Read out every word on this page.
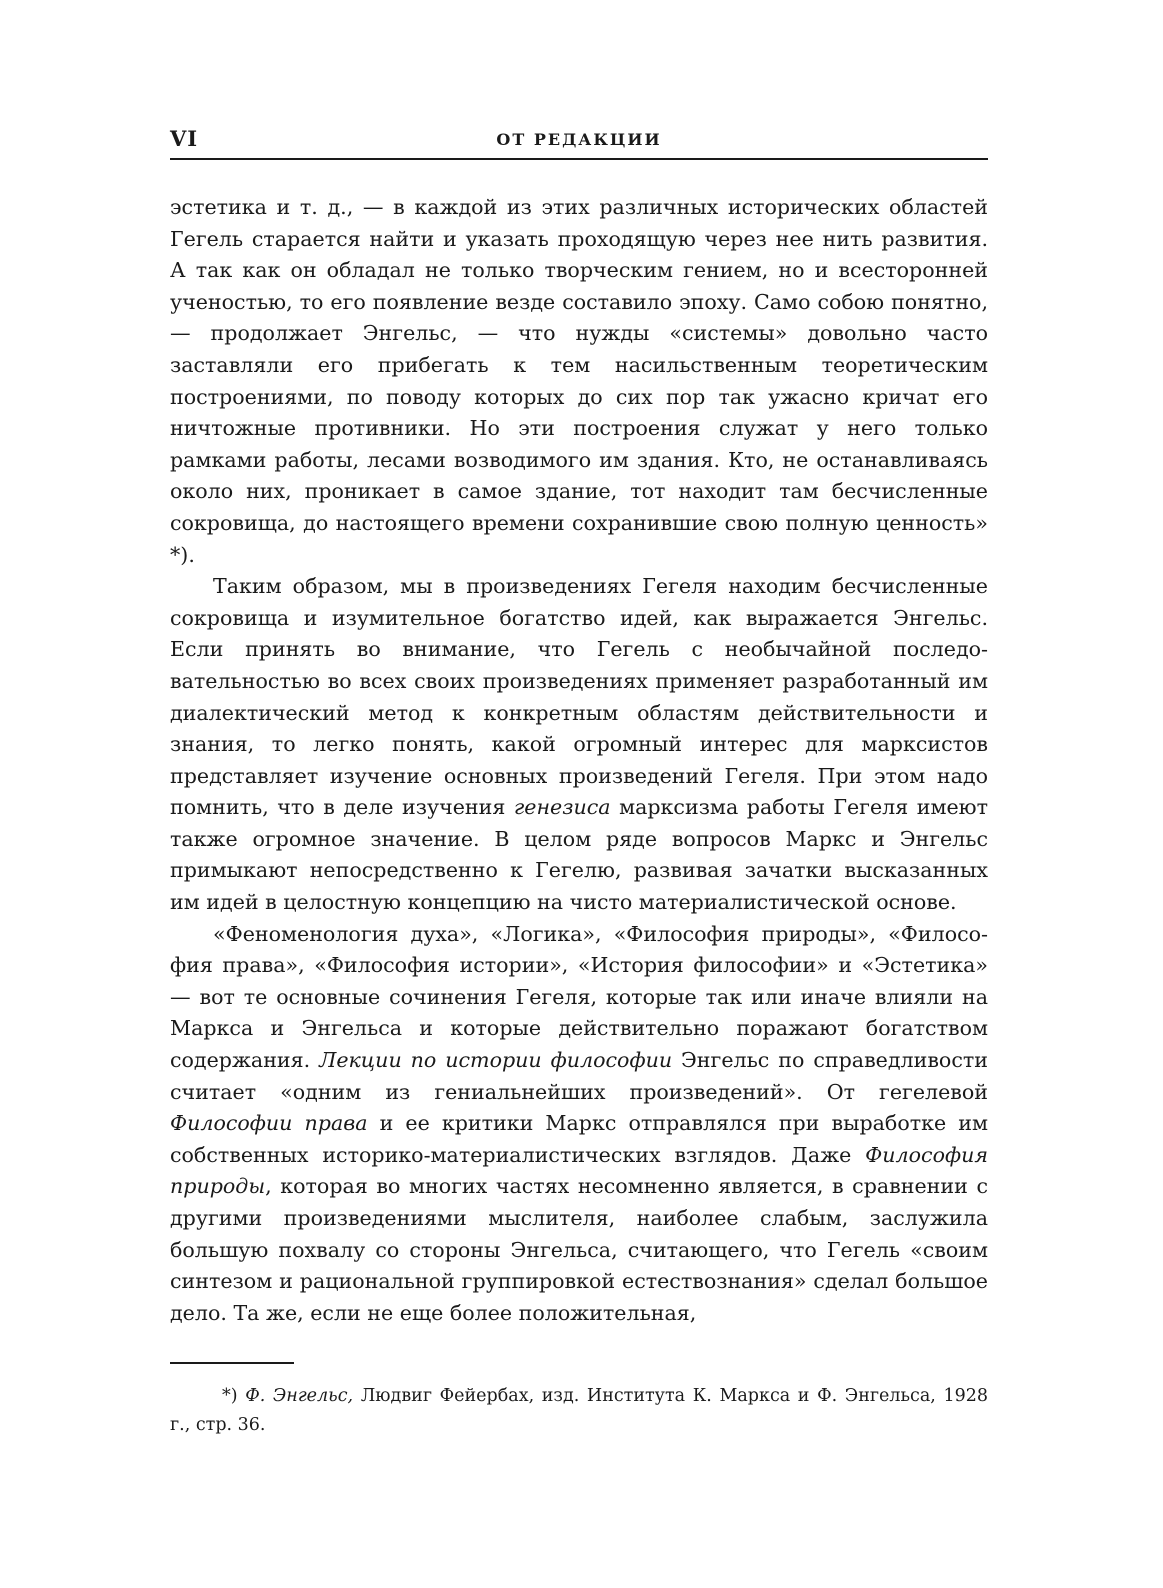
VI	ОТ РЕДАКЦИИ

эстетика и т. д., — в каждой из этих различных исторических областей Гегель старается найти и указать проходящую через нее нить развития. А так как он обладал не только творческим гением, но и всесторонней ученостью, то его появление везде составило эпоху. Само собою понятно, — продолжает Энгельс, — что нужды «системы» довольно часто заставляли его прибегать к тем насильственным теоретическим построениями, по поводу которых до сих пор так ужасно кричат его ничтожные противники. Но эти построения служат у него только рамками работы, лесами возводимого им здания. Кто, не останавливаясь около них, проникает в самое здание, тот находит там бесчисленные сокровища, до настоящего времени сохранившие свою полную ценность» *).

Таким образом, мы в произведениях Гегеля находим бесчисленные сокровища и изумительное богатство идей, как выражается Энгельс. Если принять во внимание, что Гегель с необычайной последовательностью во всех своих произведениях применяет разработанный им диалектический метод к конкретным областям действительности и знания, то легко понять, какой огромный интерес для марксистов представляет изучение основных произведений Гегеля. При этом надо помнить, что в деле изучения генезиса марксизма работы Гегеля имеют также огромное значение. В целом ряде вопросов Маркс и Энгельс примыкают непосредственно к Гегелю, развивая зачатки высказанных им идей в целостную концепцию на чисто материалистической основе.

«Феноменология духа», «Логика», «Философия природы», «Философия права», «Философия истории», «История философии» и «Эстетика» — вот те основные сочинения Гегеля, которые так или иначе влияли на Маркса и Энгельса и которые действительно поражают богатством содержания. Лекции по истории философии Энгельс по справедливости считает «одним из гениальнейших произведений». От гегелевой Философии права и ее критики Маркс отправлялся при выработке им собственных историко-материалистических взглядов. Даже Философия природы, которая во многих частях несомненно является, в сравнении с другими произведениями мыслителя, наиболее слабым, заслужила большую похвалу со стороны Энгельса, считающего, что Гегель «своим синтезом и рациональной группировкой естествознания» сделал большое дело. Та же, если не еще более положительная,

*) Ф. Энгельс, Людвиг Фейербах, изд. Института К. Маркса и Ф. Энгельса, 1928 г., стр. 36.
